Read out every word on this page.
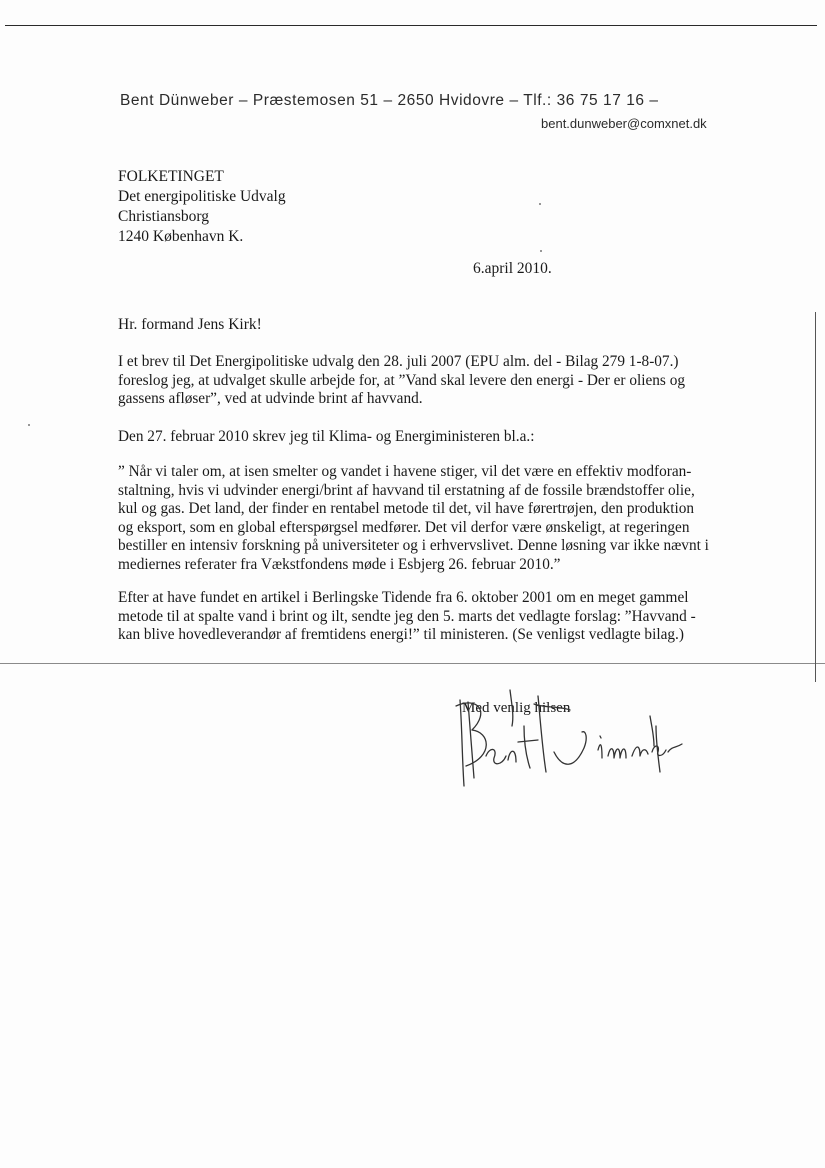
Bent Dünweber – Præstemosen 51 – 2650 Hvidovre – Tlf.: 36 75 17 16 –
bent.dunweber@comxnet.dk
FOLKETINGET
Det energipolitiske Udvalg
Christiansborg
1240 København K.
6.april 2010.
Hr. formand Jens Kirk!
I et brev til Det Energipolitiske udvalg den 28. juli 2007 (EPU alm. del - Bilag 279 1-8-07.)
foreslog jeg, at udvalget skulle arbejde for, at ”Vand skal levere den energi - Der er oliens og
gassens afløser”, ved at udvinde brint af havvand.
Den 27. februar 2010 skrev jeg til Klima- og Energiministeren bl.a.:
” Når vi taler om, at isen smelter og vandet i havene stiger, vil det være en effektiv modforan-
staltning, hvis vi udvinder energi/brint af havvand til erstatning af de fossile brændstoffer olie,
kul og gas. Det land, der finder en rentabel metode til det, vil have førertrøjen, den produktion
og eksport, som en global efterspørgsel medfører. Det vil derfor være ønskeligt, at regeringen
bestiller en intensiv forskning på universiteter og i erhvervslivet. Denne løsning var ikke nævnt i
mediernes referater fra Vækstfondens møde i Esbjerg 26. februar 2010.”
Efter at have fundet en artikel i Berlingske Tidende fra 6. oktober 2001 om en meget gammel
metode til at spalte vand i brint og ilt, sendte jeg den 5. marts det vedlagte forslag: ”Havvand -
kan blive hovedleverandør af fremtidens energi!” til ministeren. (Se venligst vedlagte bilag.)
Med venlig hilsen
